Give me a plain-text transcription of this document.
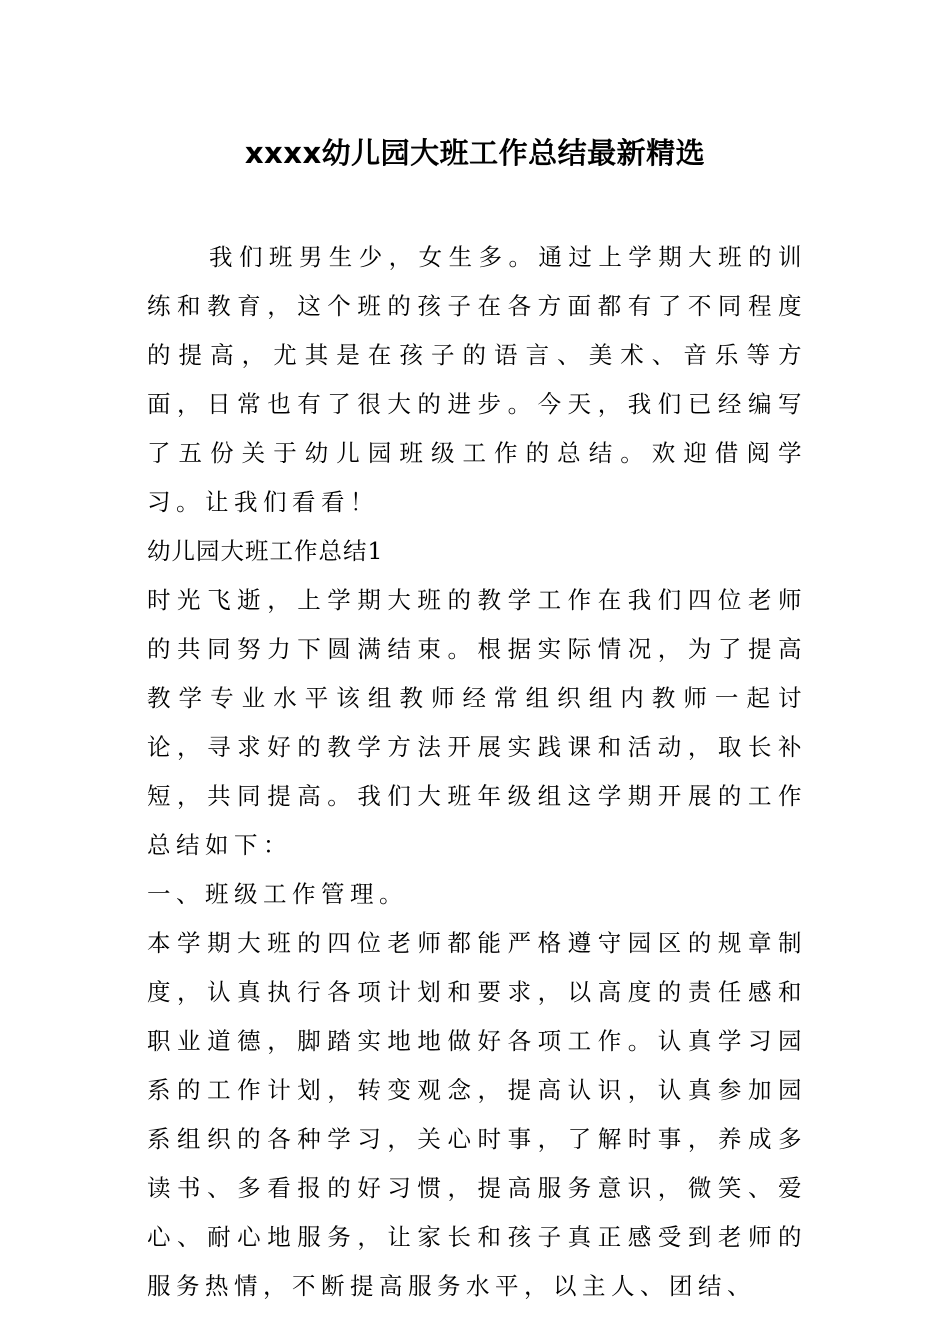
xxxx幼儿园大班工作总结最新精选

我们班男生少，女生多。通过上学期大班的训练和教育，这个班的孩子在各方面都有了不同程度的提高，尤其是在孩子的语言、美术、音乐等方面，日常也有了很大的进步。今天，我们已经编写了五份关于幼儿园班级工作的总结。欢迎借阅学习。让我们看看！

幼儿园大班工作总结1

时光飞逝，上学期大班的教学工作在我们四位老师的共同努力下圆满结束。根据实际情况，为了提高教学专业水平该组教师经常组织组内教师一起讨论，寻求好的教学方法开展实践课和活动，取长补短，共同提高。我们大班年级组这学期开展的工作总结如下：

一、班级工作管理。

本学期大班的四位老师都能严格遵守园区的规章制度，认真执行各项计划和要求，以高度的责任感和职业道德，脚踏实地地做好各项工作。认真学习园系的工作计划，转变观念，提高认识，认真参加园系组织的各种学习，关心时事，了解时事，养成多读书、多看报的好习惯，提高服务意识，微笑、爱心、耐心地服务，让家长和孩子真正感受到老师的服务热情，不断提高服务水平，以主人、团结、
